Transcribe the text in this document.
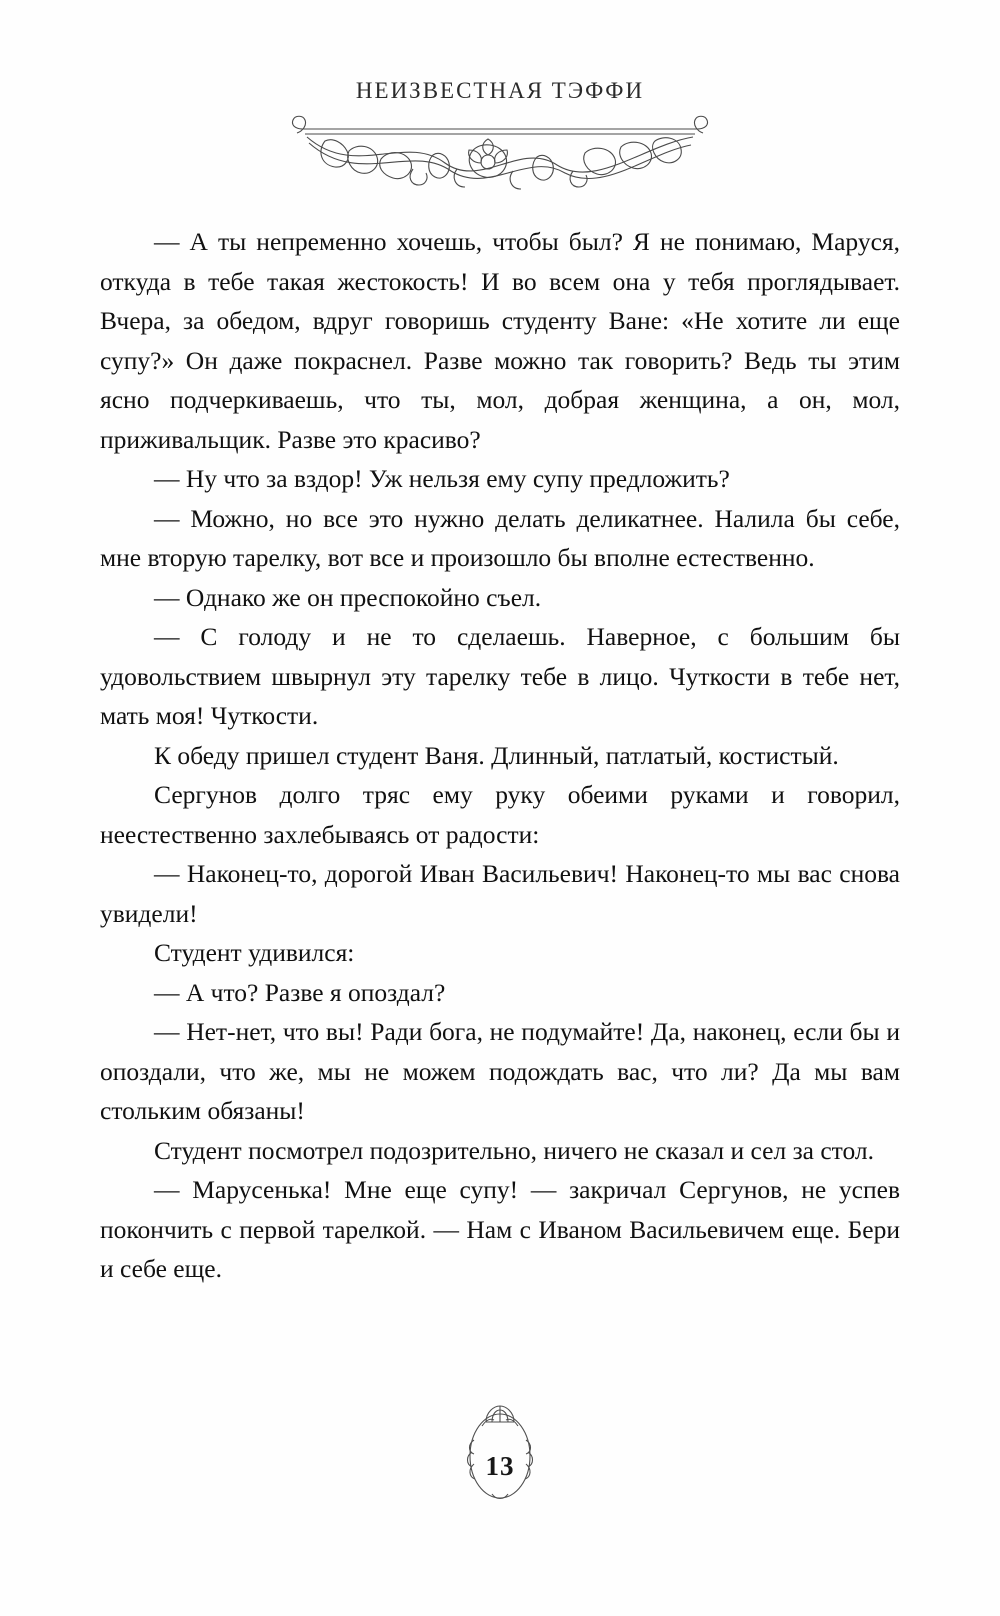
НЕИЗВЕСТНАЯ ТЭФФИ

— А ты непременно хочешь, чтобы был? Я не понимаю, Маруся, откуда в тебе такая жестокость! И во всем она у тебя проглядывает. Вчера, за обедом, вдруг говоришь студенту Ване: «Не хотите ли еще супу?» Он даже покраснел. Разве можно так говорить? Ведь ты этим ясно подчеркиваешь, что ты, мол, добрая женщина, а он, мол, приживальщик. Разве это красиво?

— Ну что за вздор! Уж нельзя ему супу предложить?

— Можно, но все это нужно делать деликатнее. Налила бы себе, мне вторую тарелку, вот все и произошло бы вполне естественно.

— Однако же он преспокойно съел.

— С голоду и не то сделаешь. Наверное, с большим бы удовольствием швырнул эту тарелку тебе в лицо. Чуткости в тебе нет, мать моя! Чуткости.

К обеду пришел студент Ваня. Длинный, патлатый, костистый.

Сергунов долго тряс ему руку обеими руками и говорил, неестественно захлебываясь от радости:

— Наконец-то, дорогой Иван Васильевич! Наконец-то мы вас снова увидели!

Студент удивился:

— А что? Разве я опоздал?

— Нет-нет, что вы! Ради бога, не подумайте! Да, наконец, если бы и опоздали, что же, мы не можем подождать вас, что ли? Да мы вам стольким обязаны!

Студент посмотрел подозрительно, ничего не сказал и сел за стол.

— Марусенька! Мне еще супу! — закричал Сергунов, не успев покончить с первой тарелкой. — Нам с Иваном Васильевичем еще. Бери и себе еще.

13
